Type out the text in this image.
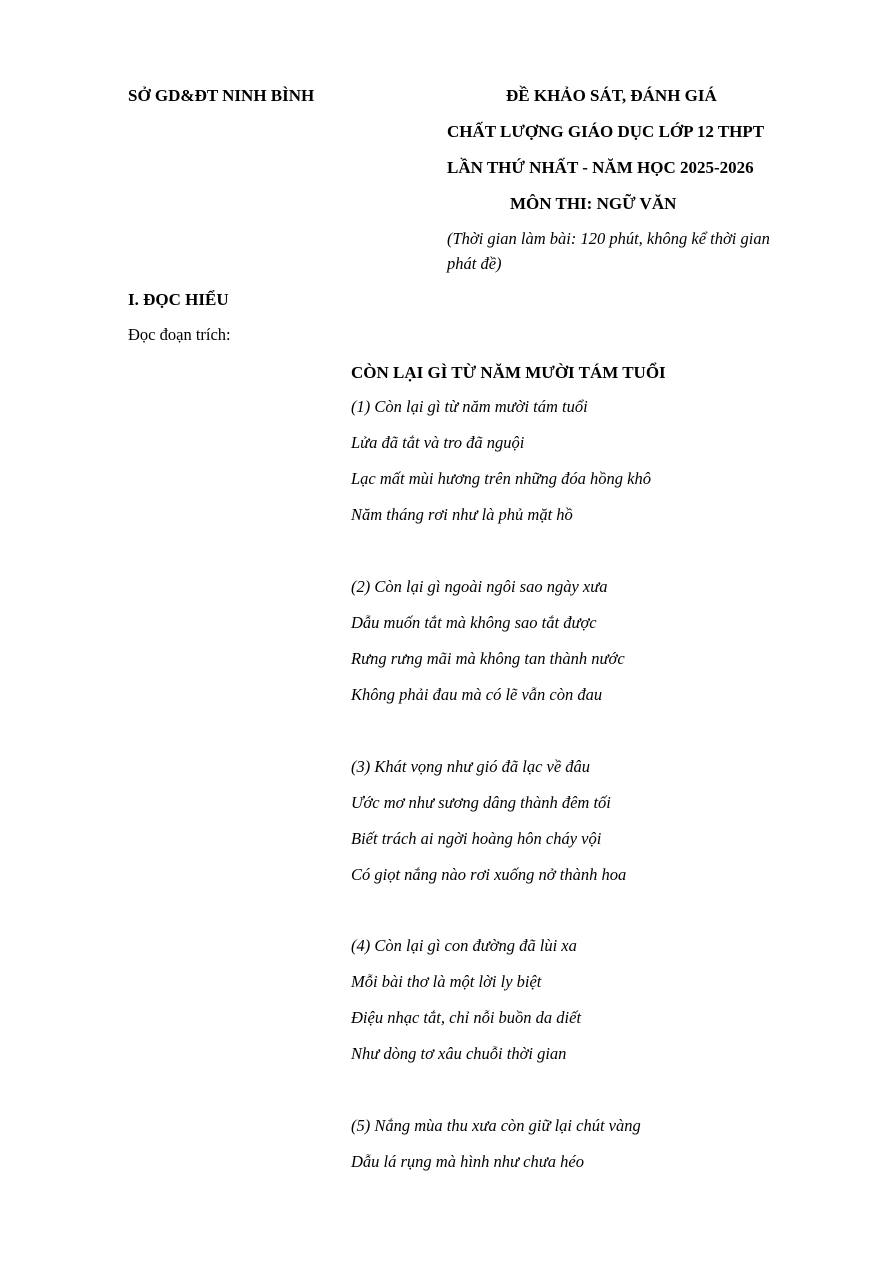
SỞ GD&ĐT NINH BÌNH	ĐỀ KHẢO SÁT, ĐÁNH GIÁ
CHẤT LƯỢNG GIÁO DỤC LỚP 12 THPT
LẦN THỨ NHẤT - NĂM HỌC 2025-2026
MÔN THI: NGỮ VĂN
(Thời gian làm bài: 120 phút, không kể thời gian
phát đề)
I. ĐỌC HIỂU
Đọc đoạn trích:
CÒN LẠI GÌ TỪ NĂM MƯỜI TÁM TUỔI
(1) Còn lại gì từ năm mười tám tuổi
Lửa đã tắt và tro đã nguội
Lạc mất mùi hương trên những đóa hồng khô
Năm tháng rơi như là phủ mặt hồ
(2) Còn lại gì ngoài ngôi sao ngày xưa
Dẫu muốn tắt mà không sao tắt được
Rưng rưng mãi mà không tan thành nước
Không phải đau mà có lẽ vẫn còn đau
(3) Khát vọng như gió đã lạc về đâu
Ước mơ như sương dâng thành đêm tối
Biết trách ai ngời hoàng hôn cháy vội
Có giọt nắng nào rơi xuống nở thành hoa
(4) Còn lại gì con đường đã lùi xa
Mỗi bài thơ là một lời ly biệt
Điệu nhạc tắt, chỉ nỗi buồn da diết
Như dòng tơ xâu chuỗi thời gian
(5) Nắng mùa thu xưa còn giữ lại chút vàng
Dẫu lá rụng mà hình như chưa héo
